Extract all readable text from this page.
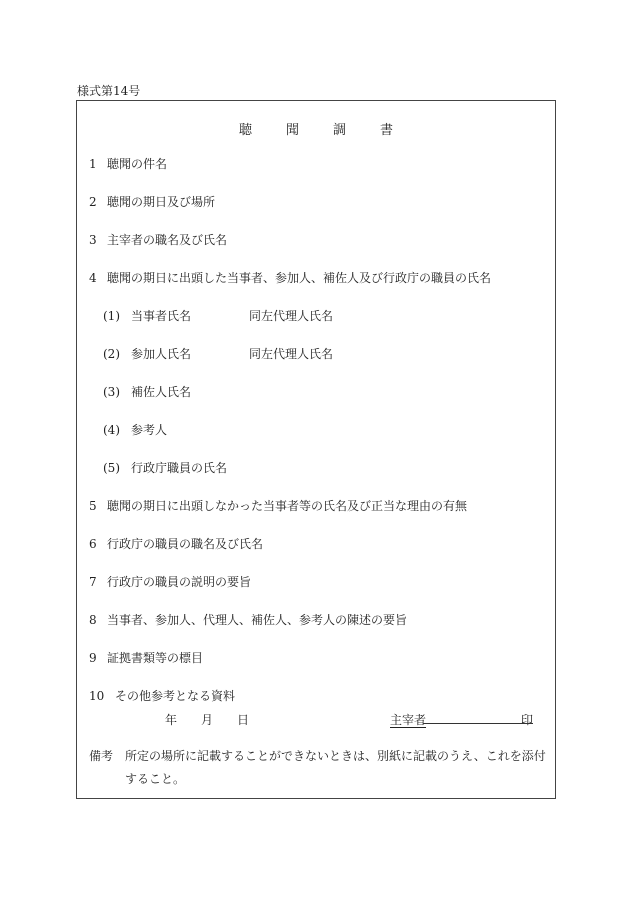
様式第14号
聴	聞	調	書
1 聴聞の件名
2 聴聞の期日及び場所
3 主宰者の職名及び氏名
4 聴聞の期日に出頭した当事者、参加人、補佐人及び行政庁の職員の氏名
(1) 当事者氏名	同左代理人氏名
(2) 参加人氏名	同左代理人氏名
(3) 補佐人氏名
(4) 参考人
(5) 行政庁職員の氏名
5 聴聞の期日に出頭しなかった当事者等の氏名及び正当な理由の有無
6 行政庁の職員の職名及び氏名
7 行政庁の職員の説明の要旨
8 当事者、参加人、代理人、補佐人、参考人の陳述の要旨
9 証拠書類等の標目
10 その他参考となる資料
年 月 日	主宰者	印
備考　 所定の場所に記載することができないときは、別紙に記載のうえ、これを添付
すること。
